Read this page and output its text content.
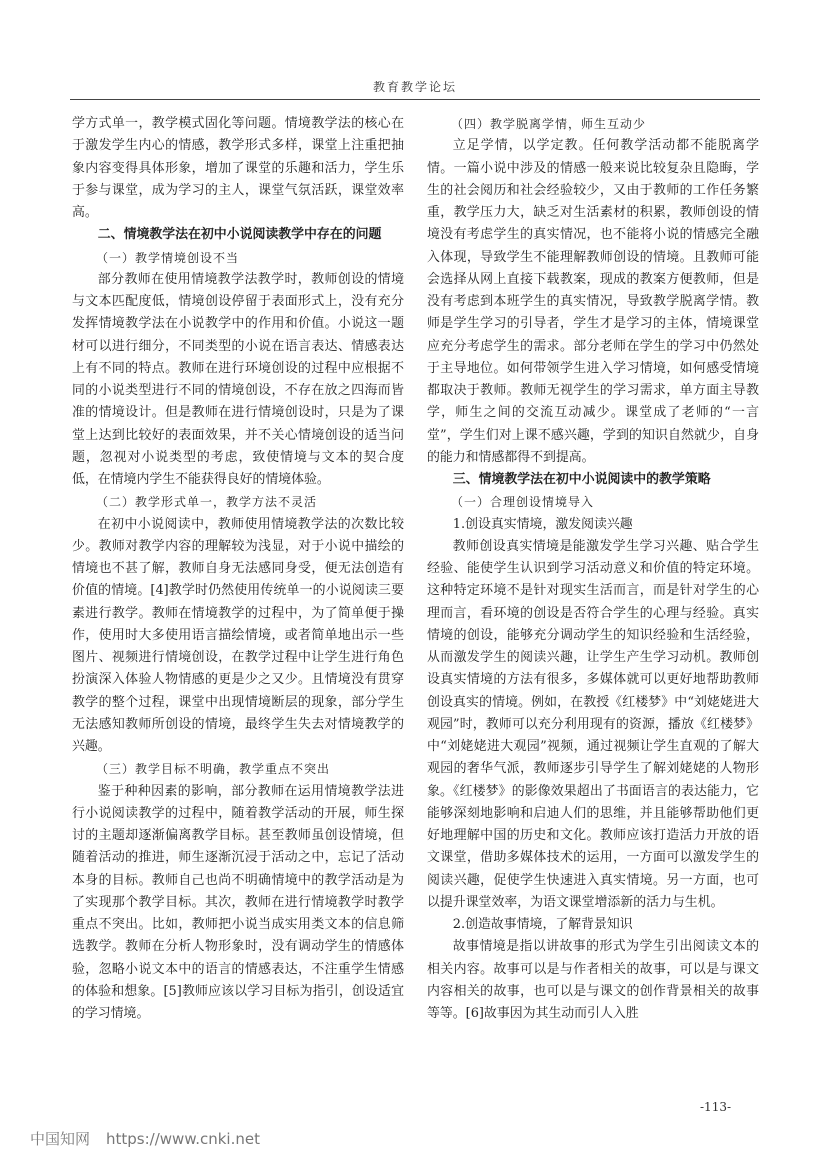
教育教学论坛

学方式单一，教学模式固化等问题。情境教学法的核心在于激发学生内心的情感，教学形式多样，课堂上注重把抽象内容变得具体形象，增加了课堂的乐趣和活力，学生乐于参与课堂，成为学习的主人，课堂气氛活跃，课堂效率高。

二、情境教学法在初中小说阅读教学中存在的问题
（一）教学情境创设不当

部分教师在使用情境教学法教学时，教师创设的情境与文本匹配度低，情境创设停留于表面形式上，没有充分发挥情境教学法在小说教学中的作用和价值。小说这一题材可以进行细分，不同类型的小说在语言表达、情感表达上有不同的特点。教师在进行环境创设的过程中应根据不同的小说类型进行不同的情境创设，不存在放之四海而皆准的情境设计。但是教师在进行情境创设时，只是为了课堂上达到比较好的表面效果，并不关心情境创设的适当问题，忽视对小说类型的考虑，致使情境与文本的契合度低，在情境内学生不能获得良好的情境体验。

（二）教学形式单一，教学方法不灵活

在初中小说阅读中，教师使用情境教学法的次数比较少。教师对教学内容的理解较为浅显，对于小说中描绘的情境也不甚了解，教师自身无法感同身受，便无法创造有价值的情境。[4]教学时仍然使用传统单一的小说阅读三要素进行教学。教师在情境教学的过程中，为了简单便于操作，使用时大多使用语言描绘情境，或者简单地出示一些图片、视频进行情境创设，在教学过程中让学生进行角色扮演深入体验人物情感的更是少之又少。且情境没有贯穿教学的整个过程，课堂中出现情境断层的现象，部分学生无法感知教师所创设的情境，最终学生失去对情境教学的兴趣。

（三）教学目标不明确，教学重点不突出

鉴于种种因素的影响，部分教师在运用情境教学法进行小说阅读教学的过程中，随着教学活动的开展，师生探讨的主题却逐渐偏离教学目标。甚至教师虽创设情境，但随着活动的推进，师生逐渐沉浸于活动之中，忘记了活动本身的目标。教师自己也尚不明确情境中的教学活动是为了实现那个教学目标。其次，教师在进行情境教学时教学重点不突出。比如，教师把小说当成实用类文本的信息筛选教学。教师在分析人物形象时，没有调动学生的情感体验，忽略小说文本中的语言的情感表达，不注重学生情感的体验和想象。[5]教师应该以学习目标为指引，创设适宜的学习情境。

（四）教学脱离学情，师生互动少

立足学情，以学定教。任何教学活动都不能脱离学情。一篇小说中涉及的情感一般来说比较复杂且隐晦，学生的社会阅历和社会经验较少，又由于教师的工作任务繁重，教学压力大，缺乏对生活素材的积累，教师创设的情境没有考虑学生的真实情况，也不能将小说的情感完全融入体现，导致学生不能理解教师创设的情境。且教师可能会选择从网上直接下载教案，现成的教案方便教师，但是没有考虑到本班学生的真实情况，导致教学脱离学情。教师是学生学习的引导者，学生才是学习的主体，情境课堂应充分考虑学生的需求。部分老师在学生的学习中仍然处于主导地位。如何带领学生进入学习情境，如何感受情境都取决于教师。教师无视学生的学习需求，单方面主导教学，师生之间的交流互动减少。课堂成了老师的“一言堂”，学生们对上课不感兴趣，学到的知识自然就少，自身的能力和情感都得不到提高。

三、情境教学法在初中小说阅读中的教学策略
（一）合理创设情境导入
1.创设真实情境，激发阅读兴趣

教师创设真实情境是能激发学生学习兴趣、贴合学生经验、能使学生认识到学习活动意义和价值的特定环境。这种特定环境不是针对现实生活而言，而是针对学生的心理而言，看环境的创设是否符合学生的心理与经验。真实情境的创设，能够充分调动学生的知识经验和生活经验，从而激发学生的阅读兴趣，让学生产生学习动机。教师创设真实情境的方法有很多，多媒体就可以更好地帮助教师创设真实的情境。例如，在教授《红楼梦》中“刘姥姥进大观园”时，教师可以充分利用现有的资源，播放《红楼梦》中“刘姥姥进大观园”视频，通过视频让学生直观的了解大观园的奢华气派，教师逐步引导学生了解刘姥姥的人物形象。《红楼梦》的影像效果超出了书面语言的表达能力，它能够深刻地影响和启迪人们的思维，并且能够帮助他们更好地理解中国的历史和文化。教师应该打造活力开放的语文课堂，借助多媒体技术的运用，一方面可以激发学生的阅读兴趣，促使学生快速进入真实情境。另一方面，也可以提升课堂效率，为语文课堂增添新的活力与生机。

2.创造故事情境，了解背景知识

故事情境是指以讲故事的形式为学生引出阅读文本的相关内容。故事可以是与作者相关的故事，可以是与课文内容相关的故事，也可以是与课文的创作背景相关的故事等等。[6]故事因为其生动而引人入胜

-113-
中国知网 https://www.cnki.net
